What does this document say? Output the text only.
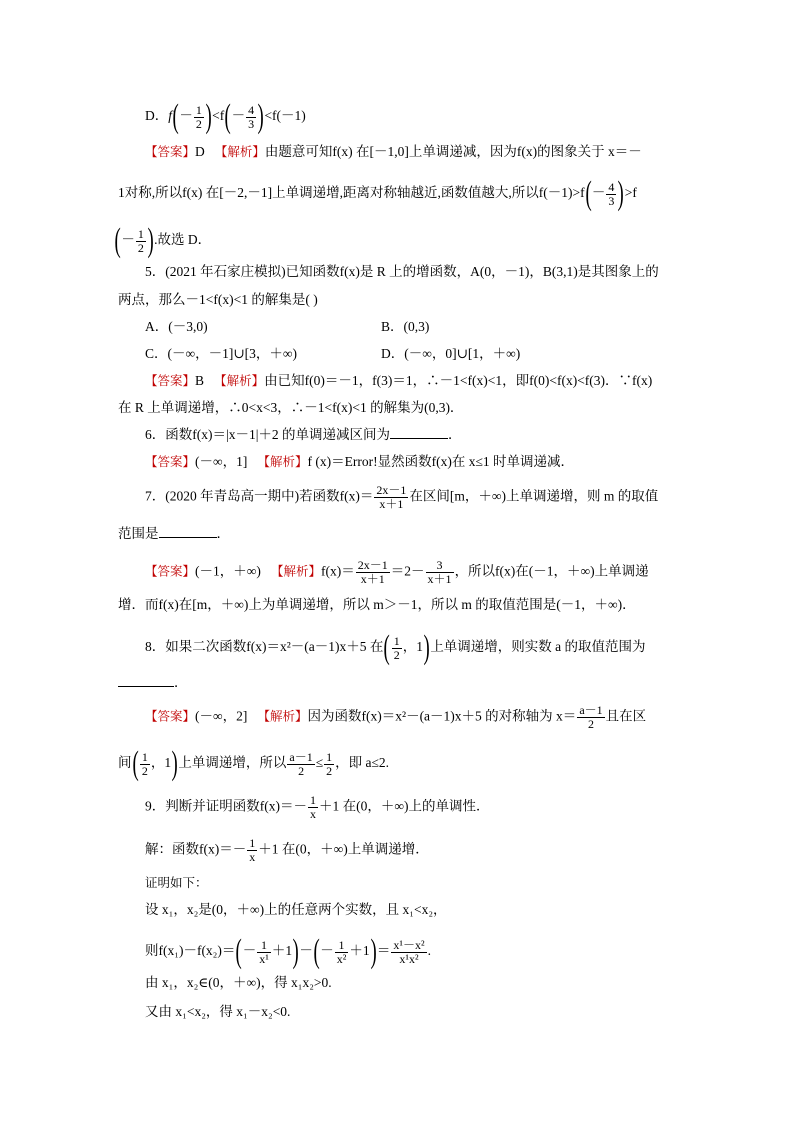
D．$f(- \frac{1}{2} )<f(- \frac{4}{3} )<f(-1)$
【答案】D 【解析】由题意可知f(x) 在[－1,0]上单调递减，因为f(x)的图象关于 x＝－
1对称,所以f(x) 在[－2,－1]上单调递增,距离对称轴越近,函数值越大,所以$f(-1)>f(- \frac{4}{3} )>f$
(－ $\frac{1}{2}$ ).故选 D．
5．(2021 年石家庄模拟)已知函数f(x)是 R 上的增函数，A(0，－1)，B(3,1)是其图象上的
两点，那么－1<f(x)<1 的解集是( )
A．(－3,0)	B．(0,3)
C．(－∞，－1]∪[3，＋∞)	D．(－∞，0]∪[1，＋∞)
【答案】B 【解析】由已知f(0)＝－1，f(3)＝1，∴－1<f(x)<1，即f(0)<f(x)<f(3)．∵f(x)
在 R 上单调递增，∴0<x<3，∴－1<f(x)<1 的解集为(0,3)．
6．函数f(x)＝|x－1|＋2 的单调递减区间为	．
【答案】(－∞，1] 【解析】f (x)＝Error!显然函数f(x)在 x≤1 时单调递减．
7．(2020 年青岛高一期中)若函数$f(x)= \frac{2x-1}{x+1}$ 在区间[m，＋∞)上单调递增，则 m 的取值
范围是	．
【答案】(－1，＋∞) 【解析】$f(x)= \frac{2x-1}{x+1} =2- \frac{3}{x+1}$ ，所以f(x)在(－1，＋∞)上单调递
增．而f(x)在[m，＋∞)上为单调递增，所以 m＞－1，所以 m 的取值范围是(－1，＋∞)．
8．如果二次函数f(x)＝x²－(a－1)x＋5 在( $\frac{1}{2}$ ，1)上单调递增，则实数 a 的取值范围为
．
【答案】(－∞，2] 【解析】因为函数f(x)＝x²－(a－1)x＋5 的对称轴为 $x= \frac{a-1}{2}$ 且在区
间( $\frac{1}{2}$ ，1)上单调递增，所以 $\frac{a-1}{2} \le \frac{1}{2}$ ，即 a≤2.
9．判断并证明函数$f(x)=- \frac{1}{x} +1$ 在(0，＋∞)上的单调性．
解：函数$f(x)=- \frac{1}{x} +1$ 在(0，＋∞)上单调递增．
证明如下：
设 x₁，x₂是(0，＋∞)上的任意两个实数，且 x₁<x₂，
则$f(x_1)-f(x_2)=(- \frac{1}{\text{x¹}} +1)-(- \frac{1}{\text{x²}} +1)= \frac{\text{x¹－x²}}{\text{x¹x²}}$ .
由 x₁，x₂∈(0，＋∞)，得 x₁x₂>0.
又由 x₁<x₂，得 x₁－x₂<0.
